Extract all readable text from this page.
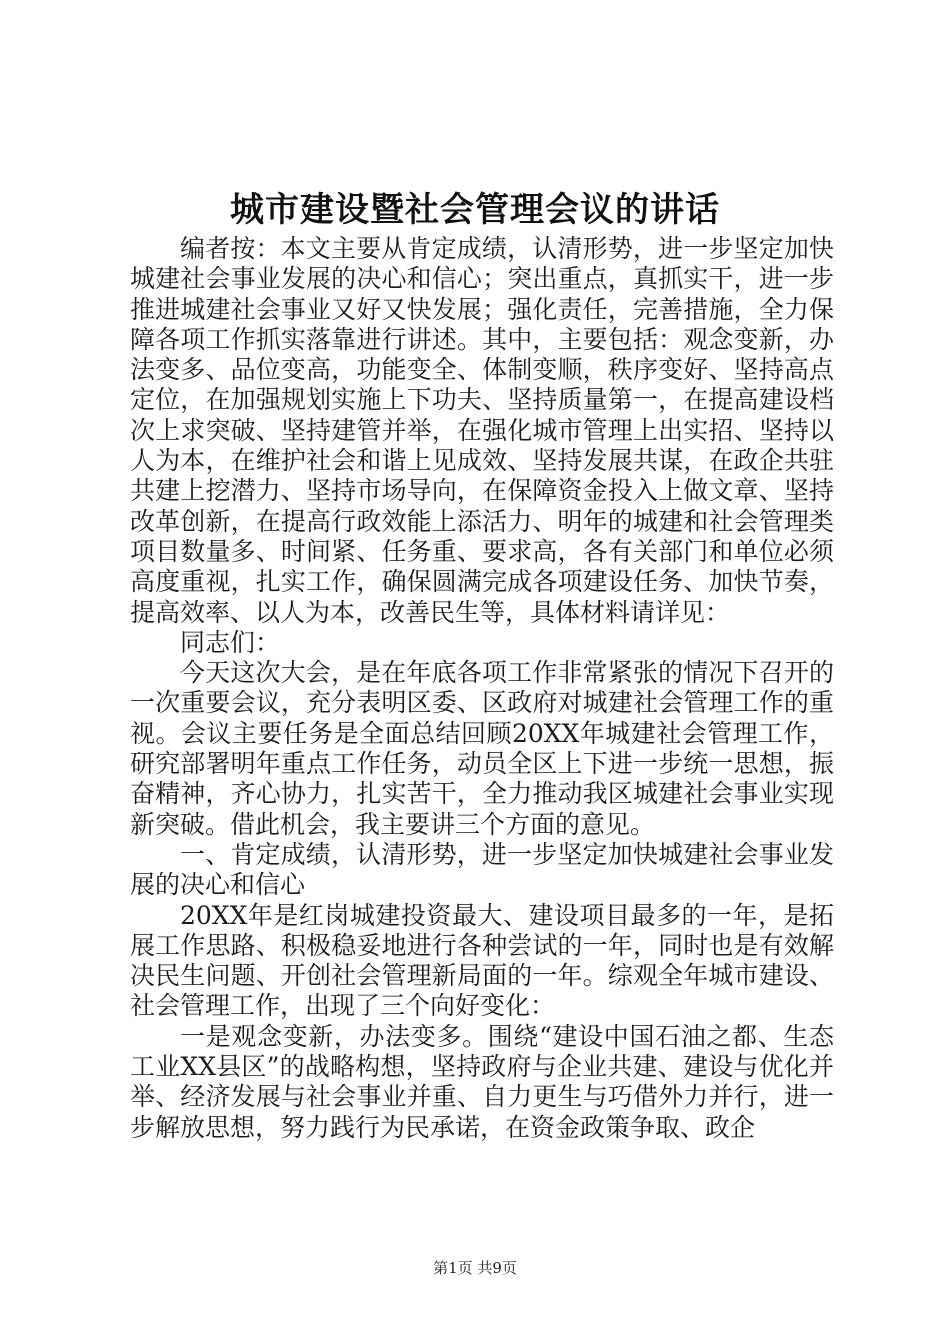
城市建设暨社会管理会议的讲话

编者按：本文主要从肯定成绩，认清形势，进一步坚定加快城建社会事业发展的决心和信心；突出重点，真抓实干，进一步推进城建社会事业又好又快发展；强化责任，完善措施，全力保障各项工作抓实落靠进行讲述。其中，主要包括：观念变新，办法变多、品位变高，功能变全、体制变顺，秩序变好、坚持高点定位，在加强规划实施上下功夫、坚持质量第一，在提高建设档次上求突破、坚持建管并举，在强化城市管理上出实招、坚持以人为本，在维护社会和谐上见成效、坚持发展共谋，在政企共驻共建上挖潜力、坚持市场导向，在保障资金投入上做文章、坚持改革创新，在提高行政效能上添活力、明年的城建和社会管理类项目数量多、时间紧、任务重、要求高，各有关部门和单位必须高度重视，扎实工作，确保圆满完成各项建设任务、加快节奏，提高效率、以人为本，改善民生等，具体材料请详见：

同志们：

今天这次大会，是在年底各项工作非常紧张的情况下召开的一次重要会议，充分表明区委、区政府对城建社会管理工作的重视。会议主要任务是全面总结回顾20XX年城建社会管理工作，研究部署明年重点工作任务，动员全区上下进一步统一思想，振奋精神，齐心协力，扎实苦干，全力推动我区城建社会事业实现新突破。借此机会，我主要讲三个方面的意见。

一、肯定成绩，认清形势，进一步坚定加快城建社会事业发展的决心和信心

20XX年是红岗城建投资最大、建设项目最多的一年，是拓展工作思路、积极稳妥地进行各种尝试的一年，同时也是有效解决民生问题、开创社会管理新局面的一年。综观全年城市建设、社会管理工作，出现了三个向好变化：

一是观念变新，办法变多。围绕“建设中国石油之都、生态工业XX县区”的战略构想，坚持政府与企业共建、建设与优化并举、经济发展与社会事业并重、自力更生与巧借外力并行，进一步解放思想，努力践行为民承诺，在资金政策争取、政企

第1页 共9页
